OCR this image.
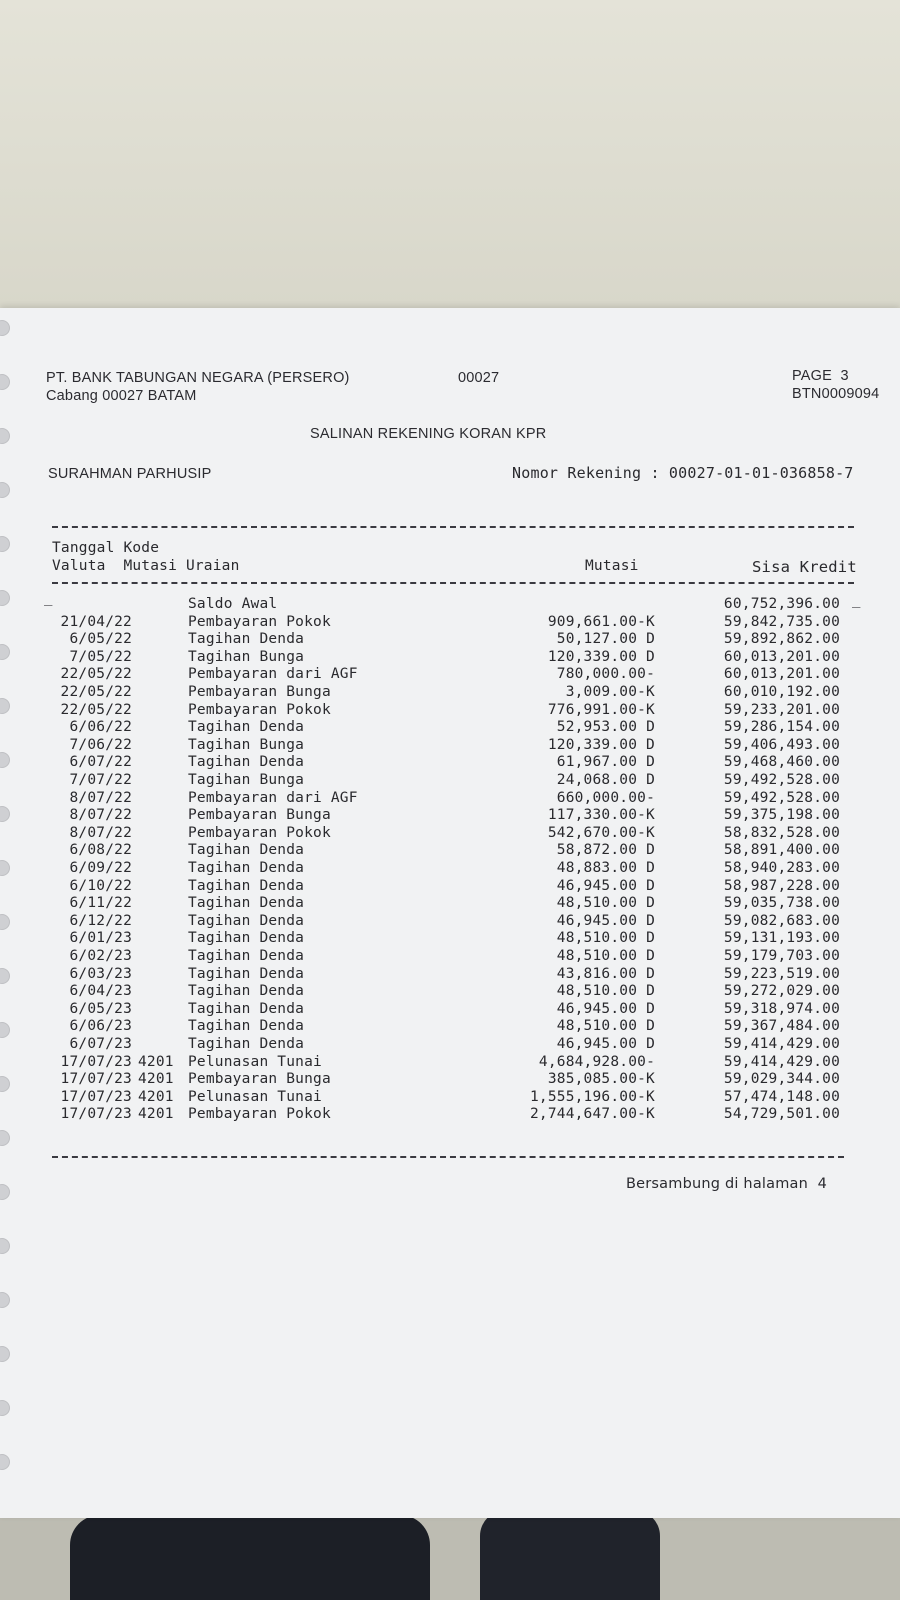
PT. BANK TABUNGAN NEGARA (PERSERO)
Cabang 00027 BATAM
00027	PAGE  3
BTN0009094
SALINAN REKENING KORAN KPR
SURAHMAN PARHUSIP	Nomor Rekening : 00027-01-01-036858-7
Tanggal Kode
Valuta  Mutasi Uraian	Mutasi	Sisa Kredit
_	_
Saldo Awal	60,752,396.00
21/04/22	Pembayaran Pokok	909,661.00-K	59,842,735.00
6/05/22	Tagihan Denda	50,127.00 D	59,892,862.00
7/05/22	Tagihan Bunga	120,339.00 D	60,013,201.00
22/05/22	Pembayaran dari AGF	780,000.00-	60,013,201.00
22/05/22	Pembayaran Bunga	3,009.00-K	60,010,192.00
22/05/22	Pembayaran Pokok	776,991.00-K	59,233,201.00
6/06/22	Tagihan Denda	52,953.00 D	59,286,154.00
7/06/22	Tagihan Bunga	120,339.00 D	59,406,493.00
6/07/22	Tagihan Denda	61,967.00 D	59,468,460.00
7/07/22	Tagihan Bunga	24,068.00 D	59,492,528.00
8/07/22	Pembayaran dari AGF	660,000.00-	59,492,528.00
8/07/22	Pembayaran Bunga	117,330.00-K	59,375,198.00
8/07/22	Pembayaran Pokok	542,670.00-K	58,832,528.00
6/08/22	Tagihan Denda	58,872.00 D	58,891,400.00
6/09/22	Tagihan Denda	48,883.00 D	58,940,283.00
6/10/22	Tagihan Denda	46,945.00 D	58,987,228.00
6/11/22	Tagihan Denda	48,510.00 D	59,035,738.00
6/12/22	Tagihan Denda	46,945.00 D	59,082,683.00
6/01/23	Tagihan Denda	48,510.00 D	59,131,193.00
6/02/23	Tagihan Denda	48,510.00 D	59,179,703.00
6/03/23	Tagihan Denda	43,816.00 D	59,223,519.00
6/04/23	Tagihan Denda	48,510.00 D	59,272,029.00
6/05/23	Tagihan Denda	46,945.00 D	59,318,974.00
6/06/23	Tagihan Denda	48,510.00 D	59,367,484.00
6/07/23	Tagihan Denda	46,945.00 D	59,414,429.00
17/07/23 4201 Pelunasan Tunai	4,684,928.00-	59,414,429.00
17/07/23 4201 Pembayaran Bunga	385,085.00-K	59,029,344.00
17/07/23 4201 Pelunasan Tunai	1,555,196.00-K	57,474,148.00
17/07/23 4201 Pembayaran Pokok	2,744,647.00-K	54,729,501.00
Bersambung di halaman  4
